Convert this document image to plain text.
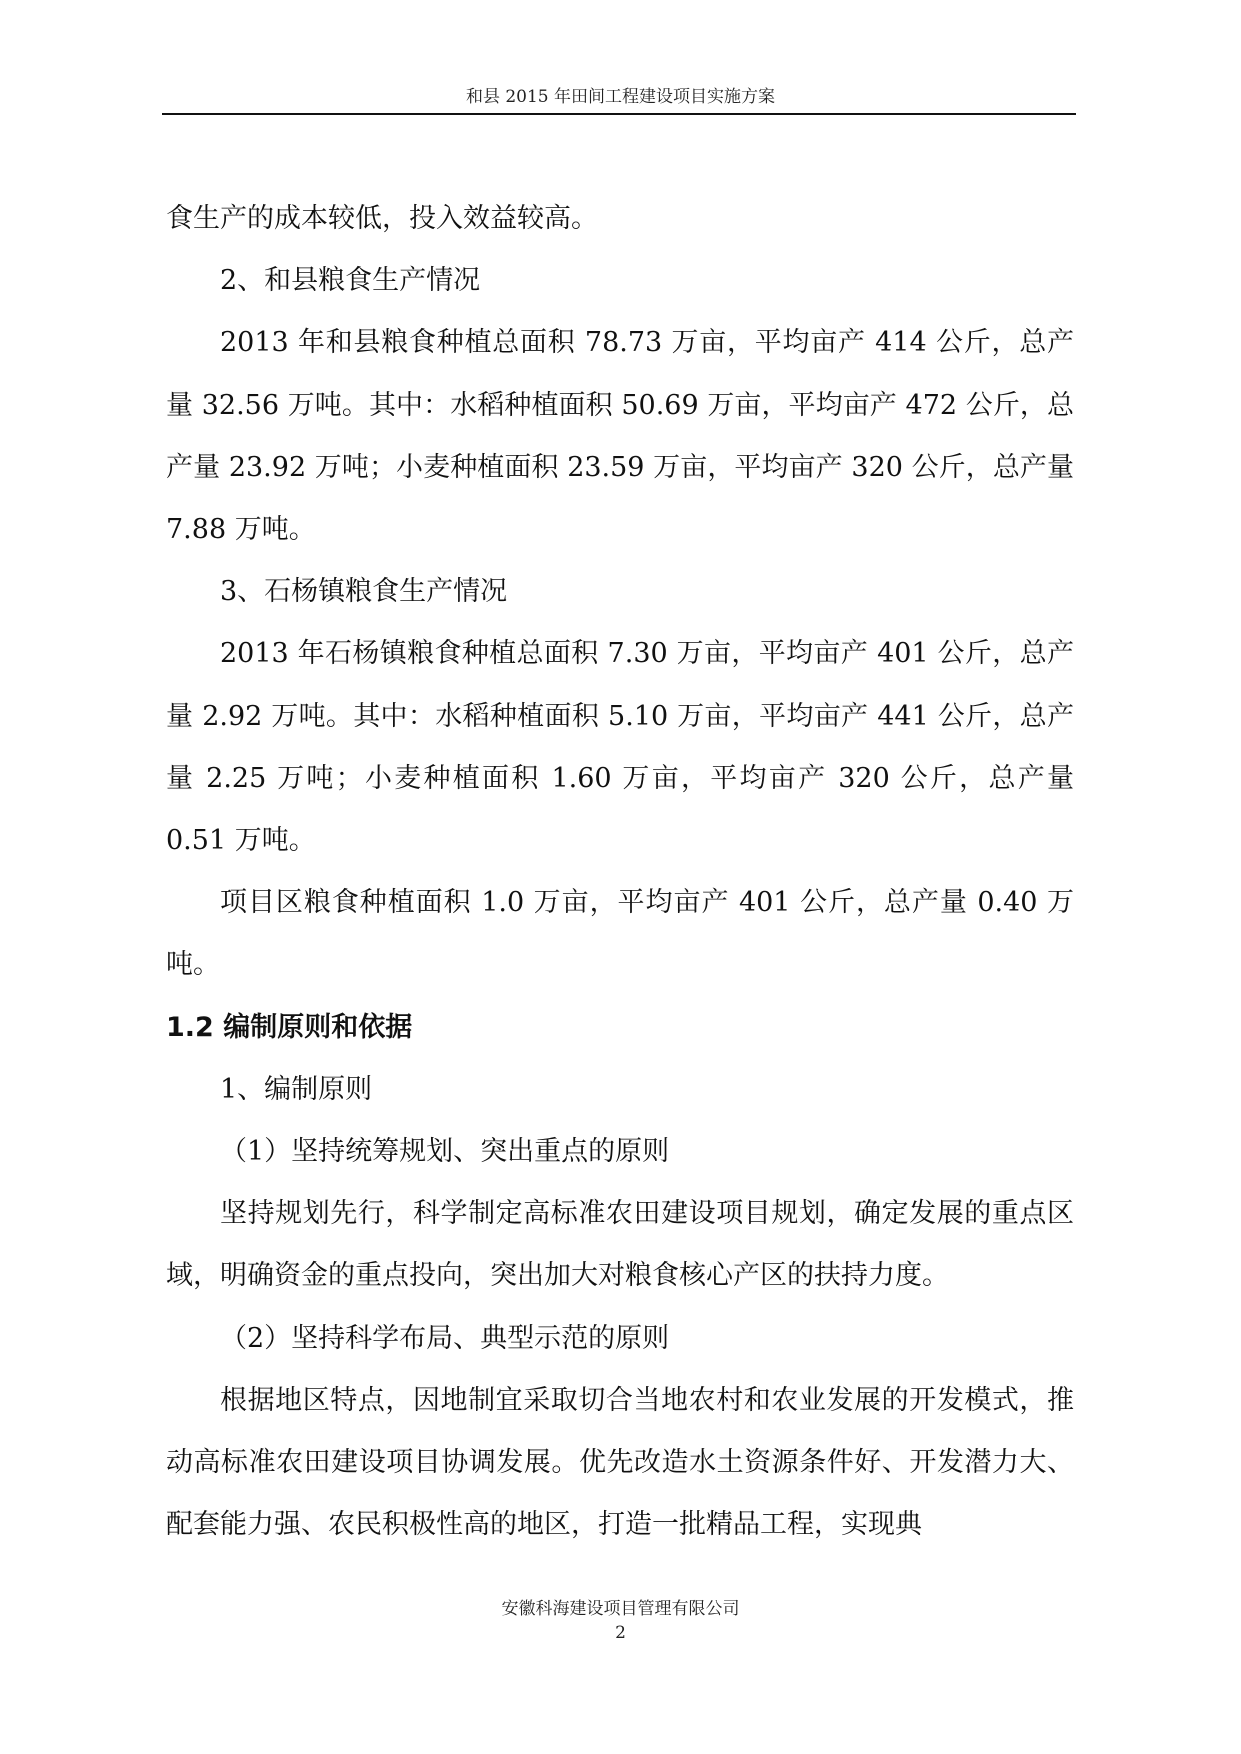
和县 2015 年田间工程建设项目实施方案

食生产的成本较低，投入效益较高。

2、和县粮食生产情况

2013 年和县粮食种植总面积 78.73 万亩，平均亩产 414 公斤，总产量 32.56 万吨。其中：水稻种植面积 50.69 万亩，平均亩产 472 公斤，总产量 23.92 万吨；小麦种植面积 23.59 万亩，平均亩产 320 公斤，总产量 7.88 万吨。

3、石杨镇粮食生产情况

2013 年石杨镇粮食种植总面积 7.30 万亩，平均亩产 401 公斤，总产量 2.92 万吨。其中：水稻种植面积 5.10 万亩，平均亩产 441 公斤，总产量 2.25 万吨；小麦种植面积 1.60 万亩，平均亩产 320 公斤，总产量 0.51 万吨。

项目区粮食种植面积 1.0 万亩，平均亩产 401 公斤，总产量 0.40 万吨。

1.2 编制原则和依据

1、编制原则

（1）坚持统筹规划、突出重点的原则

坚持规划先行，科学制定高标准农田建设项目规划，确定发展的重点区域，明确资金的重点投向，突出加大对粮食核心产区的扶持力度。

（2）坚持科学布局、典型示范的原则

根据地区特点，因地制宜采取切合当地农村和农业发展的开发模式，推动高标准农田建设项目协调发展。优先改造水土资源条件好、开发潜力大、配套能力强、农民积极性高的地区，打造一批精品工程，实现典

安徽科海建设项目管理有限公司
2
